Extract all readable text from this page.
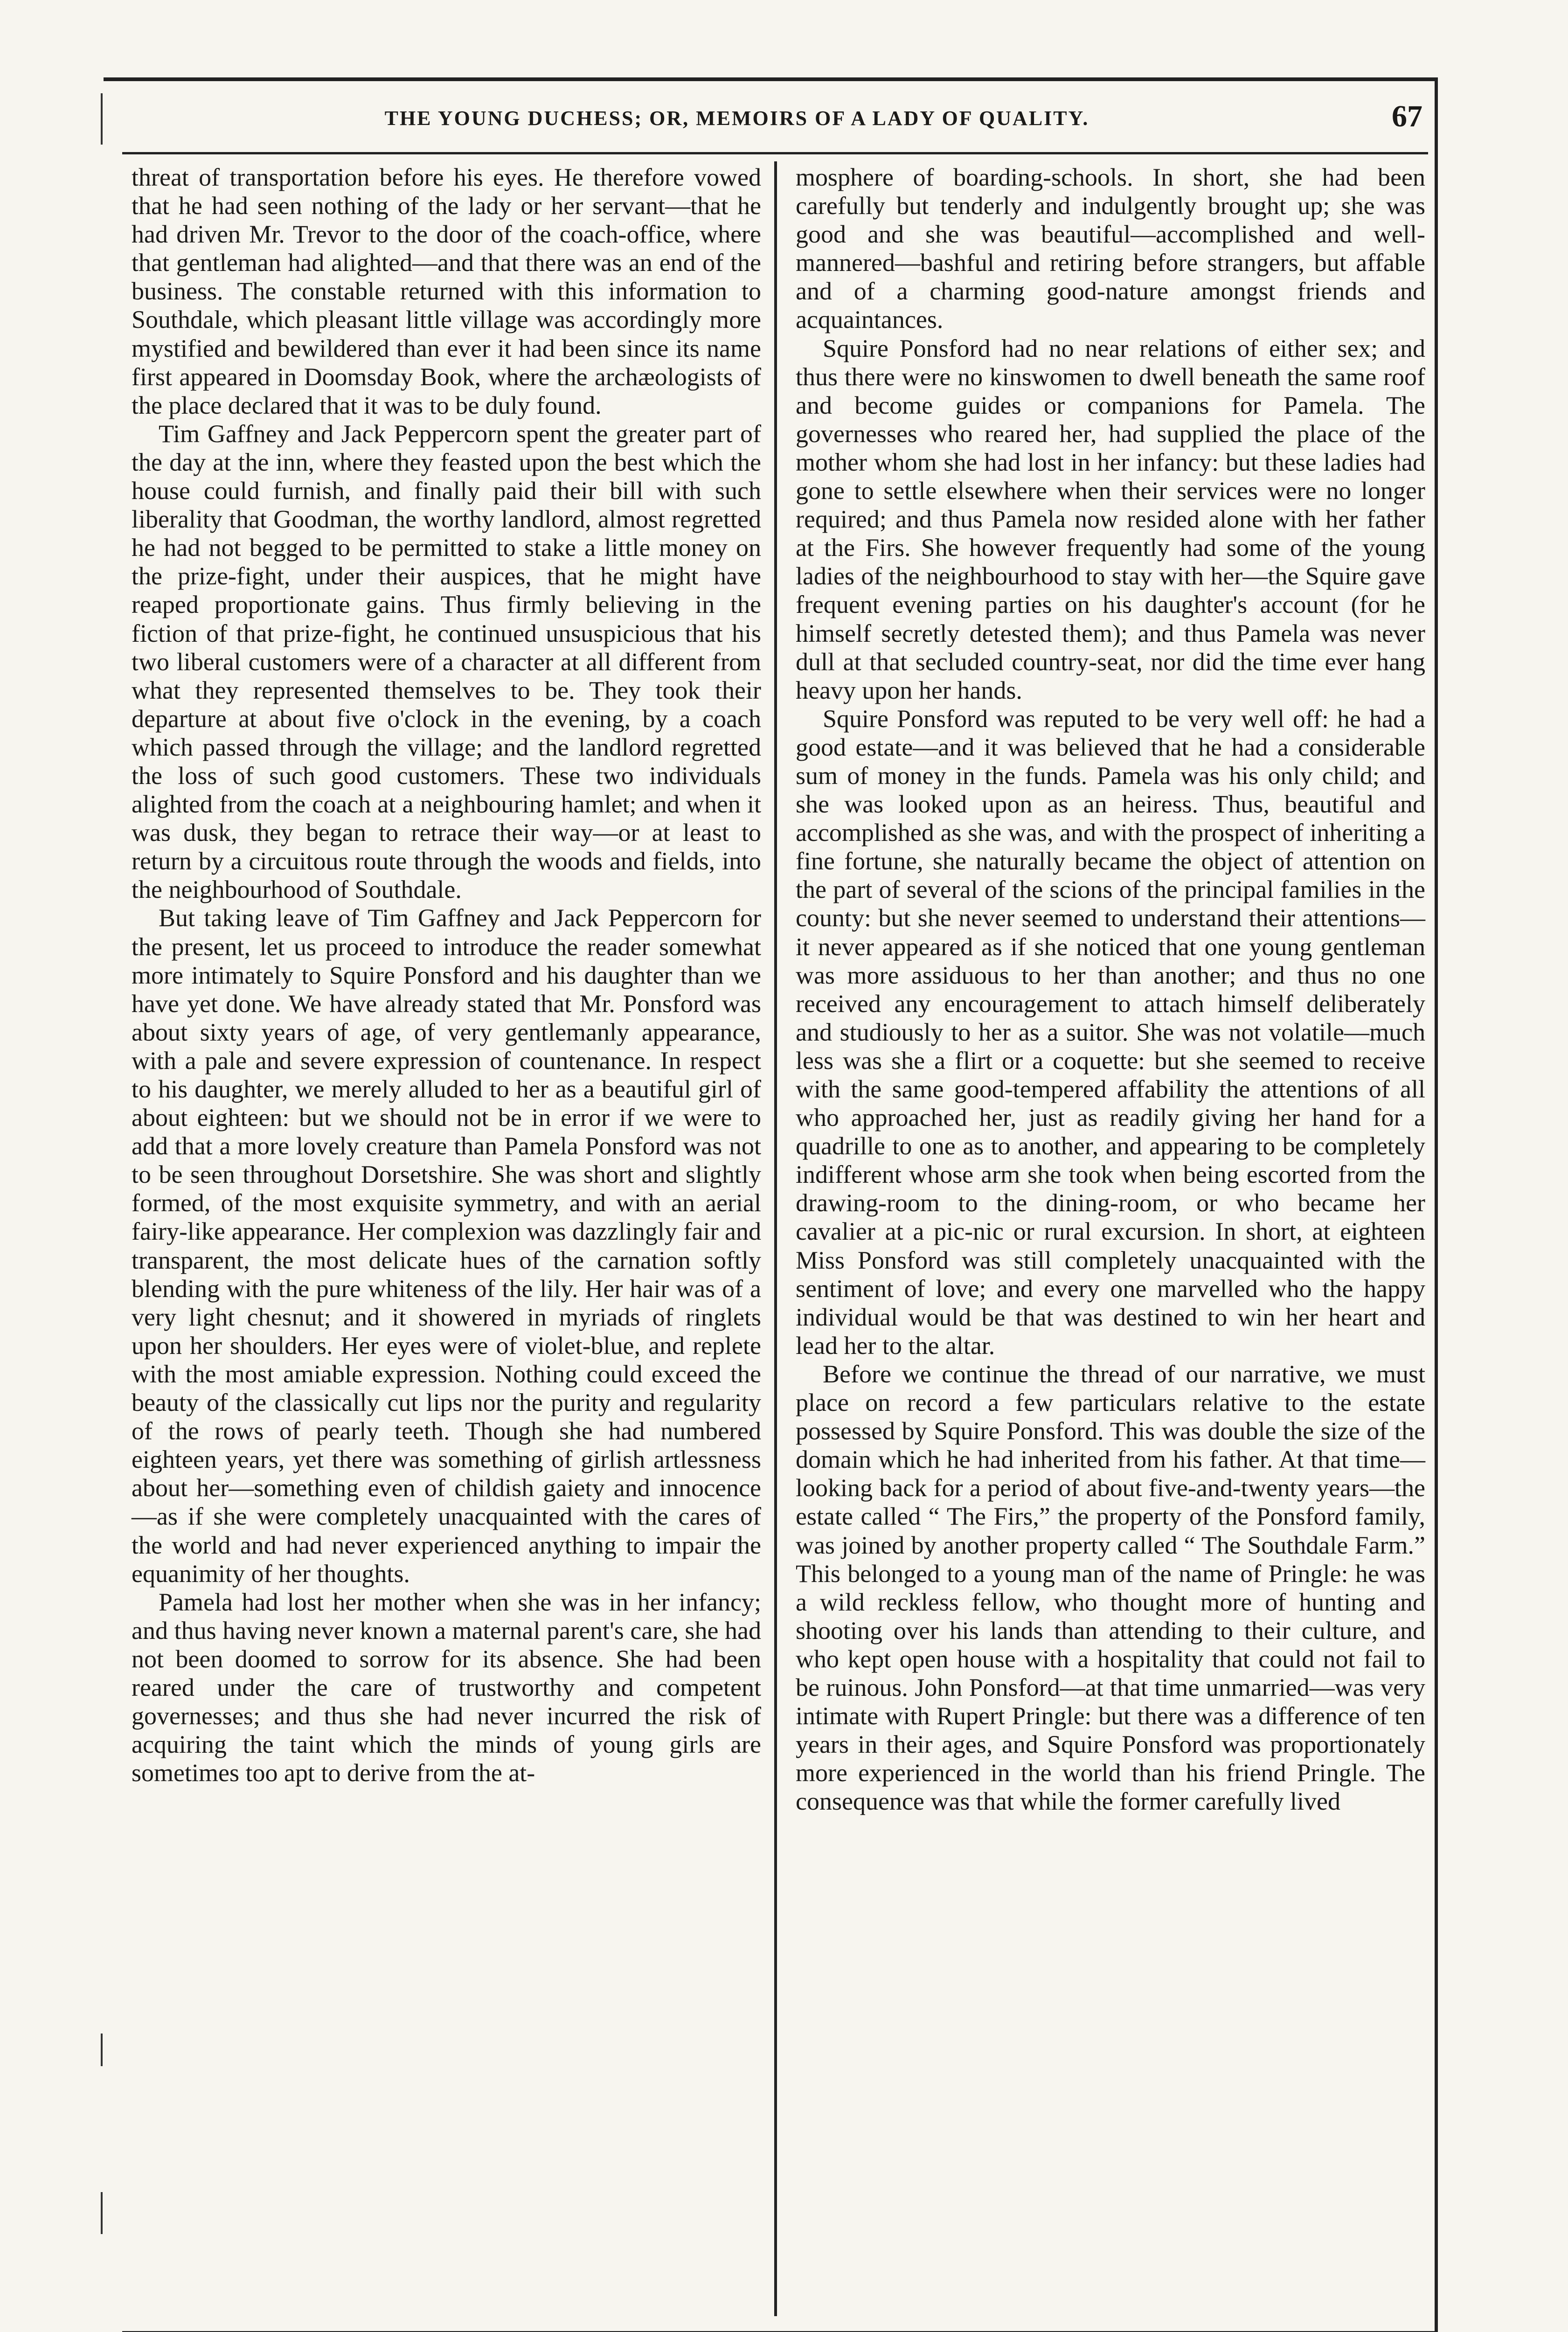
THE YOUNG DUCHESS; OR, MEMOIRS OF A LADY OF QUALITY.	67

threat of transportation before his eyes. He therefore vowed that he had seen nothing of the lady or her servant—that he had driven Mr. Trevor to the door of the coach-office, where that gentleman had alighted—and that there was an end of the business. The constable returned with this information to Southdale, which pleasant little village was accordingly more mystified and bewildered than ever it had been since its name first appeared in Doomsday Book, where the archæologists of the place declared that it was to be duly found.

Tim Gaffney and Jack Peppercorn spent the greater part of the day at the inn, where they feasted upon the best which the house could furnish, and finally paid their bill with such liberality that Goodman, the worthy landlord, almost regretted he had not begged to be permitted to stake a little money on the prize-fight, under their auspices, that he might have reaped proportionate gains. Thus firmly believing in the fiction of that prize-fight, he continued unsuspicious that his two liberal customers were of a character at all different from what they represented themselves to be. They took their departure at about five o'clock in the evening, by a coach which passed through the village; and the landlord regretted the loss of such good customers. These two individuals alighted from the coach at a neighbouring hamlet; and when it was dusk, they began to retrace their way—or at least to return by a circuitous route through the woods and fields, into the neighbourhood of Southdale.

But taking leave of Tim Gaffney and Jack Peppercorn for the present, let us proceed to introduce the reader somewhat more intimately to Squire Ponsford and his daughter than we have yet done. We have already stated that Mr. Ponsford was about sixty years of age, of very gentlemanly appearance, with a pale and severe expression of countenance. In respect to his daughter, we merely alluded to her as a beautiful girl of about eighteen: but we should not be in error if we were to add that a more lovely creature than Pamela Ponsford was not to be seen throughout Dorsetshire. She was short and slightly formed, of the most exquisite symmetry, and with an aerial fairy-like appearance. Her complexion was dazzlingly fair and transparent, the most delicate hues of the carnation softly blending with the pure whiteness of the lily. Her hair was of a very light chesnut; and it showered in myriads of ringlets upon her shoulders. Her eyes were of violet-blue, and replete with the most amiable expression. Nothing could exceed the beauty of the classically cut lips nor the purity and regularity of the rows of pearly teeth. Though she had numbered eighteen years, yet there was something of girlish artlessness about her—something even of childish gaiety and innocence—as if she were completely unacquainted with the cares of the world and had never experienced anything to impair the equanimity of her thoughts.

Pamela had lost her mother when she was in her infancy; and thus having never known a maternal parent's care, she had not been doomed to sorrow for its absence. She had been reared under the care of trustworthy and competent governesses; and thus she had never incurred the risk of acquiring the taint which the minds of young girls are sometimes too apt to derive from the at-

mosphere of boarding-schools. In short, she had been carefully but tenderly and indulgently brought up; she was good and she was beautiful—accomplished and well-mannered—bashful and retiring before strangers, but affable and of a charming good-nature amongst friends and acquaintances.

Squire Ponsford had no near relations of either sex; and thus there were no kinswomen to dwell beneath the same roof and become guides or companions for Pamela. The governesses who reared her, had supplied the place of the mother whom she had lost in her infancy: but these ladies had gone to settle elsewhere when their services were no longer required; and thus Pamela now resided alone with her father at the Firs. She however frequently had some of the young ladies of the neighbourhood to stay with her—the Squire gave frequent evening parties on his daughter's account (for he himself secretly detested them); and thus Pamela was never dull at that secluded country-seat, nor did the time ever hang heavy upon her hands.

Squire Ponsford was reputed to be very well off: he had a good estate—and it was believed that he had a considerable sum of money in the funds. Pamela was his only child; and she was looked upon as an heiress. Thus, beautiful and accomplished as she was, and with the prospect of inheriting a fine fortune, she naturally became the object of attention on the part of several of the scions of the principal families in the county: but she never seemed to understand their attentions—it never appeared as if she noticed that one young gentleman was more assiduous to her than another; and thus no one received any encouragement to attach himself deliberately and studiously to her as a suitor. She was not volatile—much less was she a flirt or a coquette: but she seemed to receive with the same good-tempered affability the attentions of all who approached her, just as readily giving her hand for a quadrille to one as to another, and appearing to be completely indifferent whose arm she took when being escorted from the drawing-room to the dining-room, or who became her cavalier at a pic-nic or rural excursion. In short, at eighteen Miss Ponsford was still completely unacquainted with the sentiment of love; and every one marvelled who the happy individual would be that was destined to win her heart and lead her to the altar.

Before we continue the thread of our narrative, we must place on record a few particulars relative to the estate possessed by Squire Ponsford. This was double the size of the domain which he had inherited from his father. At that time—looking back for a period of about five-and-twenty years—the estate called “ The Firs,” the property of the Ponsford family, was joined by another property called “ The Southdale Farm.” This belonged to a young man of the name of Pringle: he was a wild reckless fellow, who thought more of hunting and shooting over his lands than attending to their culture, and who kept open house with a hospitality that could not fail to be ruinous. John Ponsford—at that time unmarried—was very intimate with Rupert Pringle: but there was a difference of ten years in their ages, and Squire Ponsford was proportionately more experienced in the world than his friend Pringle. The consequence was that while the former carefully lived
